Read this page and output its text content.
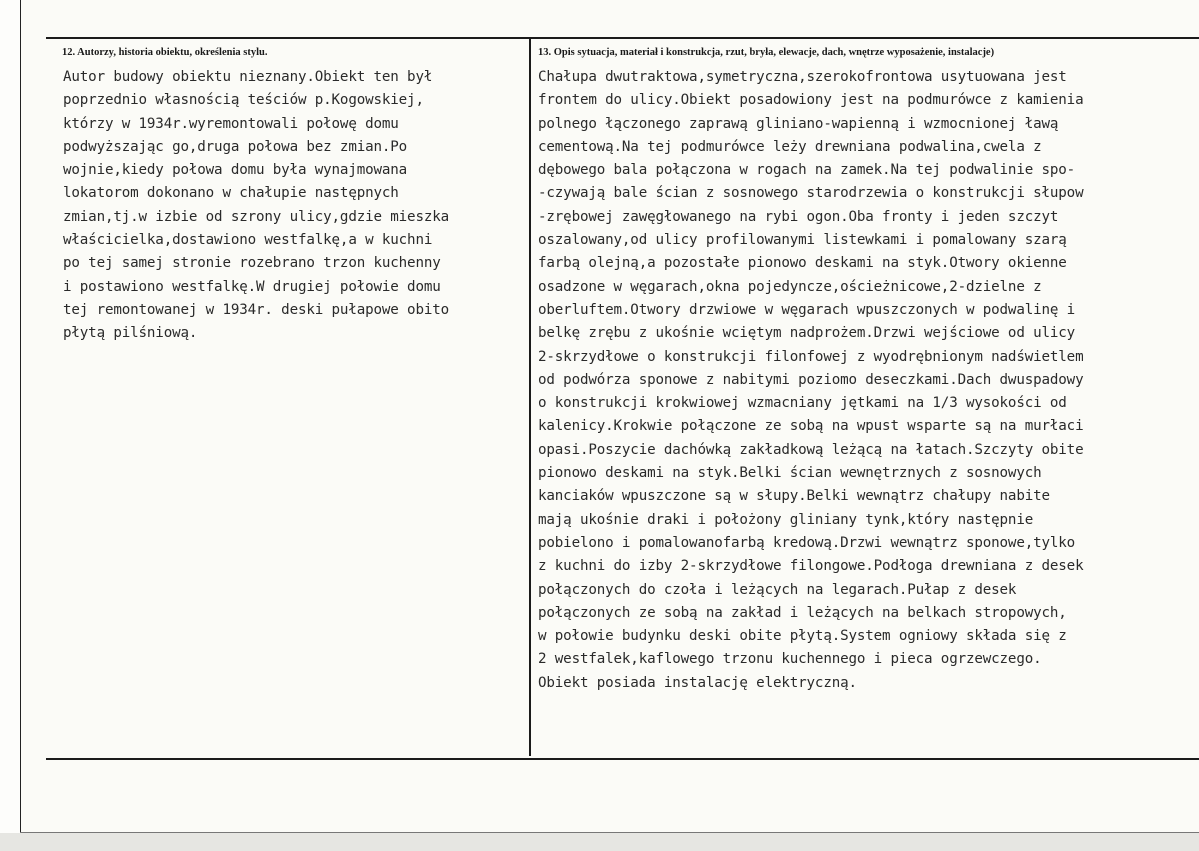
12. Autorzy, historia obiektu, określenia stylu.	13. Opis sytuacja, materiał i konstrukcja, rzut, bryła, elewacje, dach, wnętrze wyposażenie, instalacje)
Autor budowy obiektu nieznany.Obiekt ten był
poprzednio własnością teściów p.Kogowskiej,
którzy w 1934r.wyremontowali połowę domu
podwyższając go,druga połowa bez zmian.Po
wojnie,kiedy połowa domu była wynajmowana
lokatorom dokonano w chałupie następnych
zmian,tj.w izbie od szrony ulicy,gdzie mieszka
właścicielka,dostawiono westfalkę,a w kuchni
po tej samej stronie rozebrano trzon kuchenny
i postawiono westfalkę.W drugiej połowie domu
tej remontowanej w 1934r. deski pułapowe obito
płytą pilśniową.
Chałupa dwutraktowa,symetryczna,szerokofrontowa usytuowana jest
frontem do ulicy.Obiekt posadowiony jest na podmurówce z kamienia
polnego łączonego zaprawą gliniano-wapienną i wzmocnionej ławą
cementową.Na tej podmurówce leży drewniana podwalina,cwela z
dębowego bala połączona w rogach na zamek.Na tej podwalinie spo-
-czywają bale ścian z sosnowego starodrzewia o konstrukcji słupow
-zrębowej zawęgłowanego na rybi ogon.Oba fronty i jeden szczyt
oszalowany,od ulicy profilowanymi listewkami i pomalowany szarą
farbą olejną,a pozostałe pionowo deskami na styk.Otwory okienne
osadzone w węgarach,okna pojedyncze,ościeżnicowe,2-dzielne z
oberluftem.Otwory drzwiowe w węgarach wpuszczonych w podwalinę i
belkę zrębu z ukośnie wciętym nadprożem.Drzwi wejściowe od ulicy
2-skrzydłowe o konstrukcji filonfowej z wyodrębnionym nadświetlem
od podwórza sponowe z nabitymi poziomo deseczkami.Dach dwuspadowy
o konstrukcji krokwiowej wzmacniany jętkami na 1/3 wysokości od
kalenicy.Krokwie połączone ze sobą na wpust wsparte są na murłaci
opasi.Poszycie dachówką zakładkową leżącą na łatach.Szczyty obite
pionowo deskami na styk.Belki ścian wewnętrznych z sosnowych
kanciaków wpuszczone są w słupy.Belki wewnątrz chałupy nabite
mają ukośnie draki i położony gliniany tynk,który następnie
pobielono i pomalowanofarbą kredową.Drzwi wewnątrz sponowe,tylko
z kuchni do izby 2-skrzydłowe filongowe.Podłoga drewniana z desek
połączonych do czoła i leżących na legarach.Pułap z desek
połączonych ze sobą na zakład i leżących na belkach stropowych,
w połowie budynku deski obite płytą.System ogniowy składa się z
2 westfalek,kaflowego trzonu kuchennego i pieca ogrzewczego.
Obiekt posiada instalację elektryczną.
